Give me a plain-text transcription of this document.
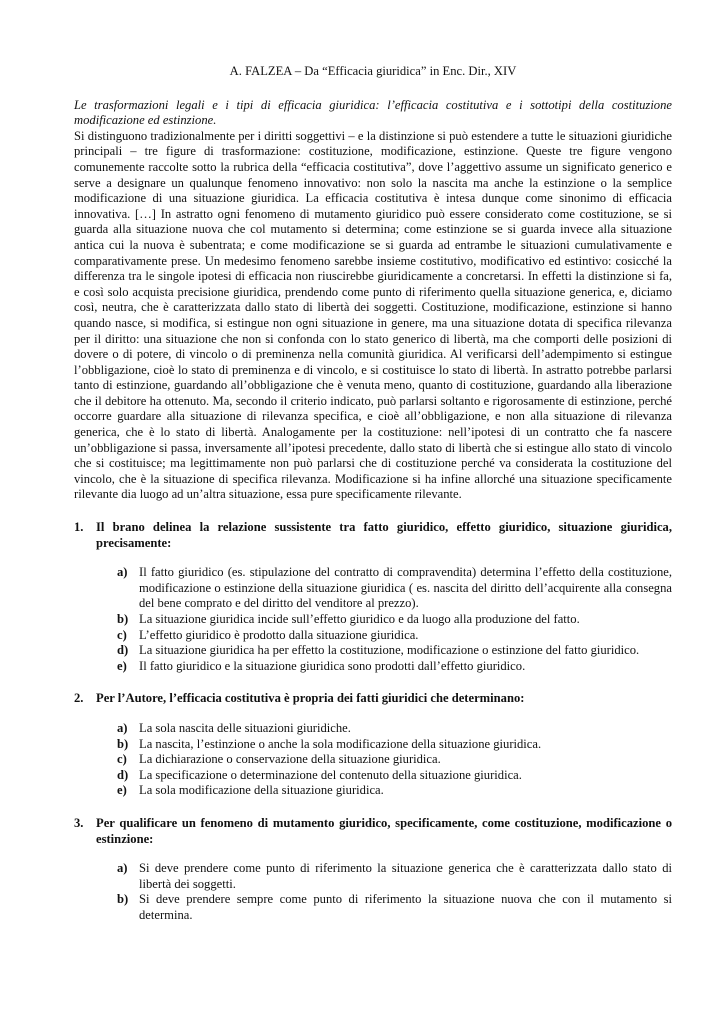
A. FALZEA – Da “Efficacia giuridica” in Enc. Dir., XIV

Le trasformazioni legali e i tipi di efficacia giuridica: l’efficacia costitutiva e i sottotipi della costituzione modificazione ed estinzione.

Si distinguono tradizionalmente per i diritti soggettivi – e la distinzione si può estendere a tutte le situazioni giuridiche principali – tre figure di trasformazione: costituzione, modificazione, estinzione. Queste tre figure vengono comunemente raccolte sotto la rubrica della “efficacia costitutiva”, dove l’aggettivo assume un significato generico e serve a designare un qualunque fenomeno innovativo: non solo la nascita ma anche la estinzione o la semplice modificazione di una situazione giuridica. La efficacia costitutiva è intesa dunque come sinonimo di efficacia innovativa. […] In astratto ogni fenomeno di mutamento giuridico può essere considerato come costituzione, se si guarda alla situazione nuova che col mutamento si determina; come estinzione se si guarda invece alla situazione antica cui la nuova è subentrata; e come modificazione se si guarda ad entrambe le situazioni cumulativamente e comparativamente prese. Un medesimo fenomeno sarebbe insieme costitutivo, modificativo ed estintivo: cosicché la differenza tra le singole ipotesi di efficacia non riuscirebbe giuridicamente a concretarsi. In effetti la distinzione si fa, e così solo acquista precisione giuridica, prendendo come punto di riferimento quella situazione generica, e, diciamo così, neutra, che è caratterizzata dallo stato di libertà dei soggetti. Costituzione, modificazione, estinzione si hanno quando nasce, si modifica, si estingue non ogni situazione in genere, ma una situazione dotata di specifica rilevanza per il diritto: una situazione che non si confonda con lo stato generico di libertà, ma che comporti delle posizioni di dovere o di potere, di vincolo o di preminenza nella comunità giuridica. Al verificarsi dell’adempimento si estingue l’obbligazione, cioè lo stato di preminenza e di vincolo, e si costituisce lo stato di libertà. In astratto potrebbe parlarsi tanto di estinzione, guardando all’obbligazione che è venuta meno, quanto di costituzione, guardando alla liberazione che il debitore ha ottenuto. Ma, secondo il criterio indicato, può parlarsi soltanto e rigorosamente di estinzione, perché occorre guardare alla situazione di rilevanza specifica, e cioè all’obbligazione, e non alla situazione di rilevanza generica, che è lo stato di libertà. Analogamente per la costituzione: nell’ipotesi di un contratto che fa nascere un’obbligazione si passa, inversamente all’ipotesi precedente, dallo stato di libertà che si estingue allo stato di vincolo che si costituisce; ma legittimamente non può parlarsi che di costituzione perché va considerata la costituzione del vincolo, che è la situazione di specifica rilevanza. Modificazione si ha infine allorché una situazione specificamente rilevante dia luogo ad un’altra situazione, essa pure specificamente rilevante.

1. Il brano delinea la relazione sussistente tra fatto giuridico, effetto giuridico, situazione giuridica, precisamente:
a) Il fatto giuridico (es. stipulazione del contratto di compravendita) determina l’effetto della costituzione, modificazione o estinzione della situazione giuridica ( es. nascita del diritto dell’acquirente alla consegna del bene comprato e del diritto del venditore al prezzo).
b) La situazione giuridica incide sull’effetto giuridico e da luogo alla produzione del fatto.
c) L’effetto giuridico è prodotto dalla situazione giuridica.
d) La situazione giuridica ha per effetto la costituzione, modificazione o estinzione del fatto giuridico.
e) Il fatto giuridico e la situazione giuridica sono prodotti dall’effetto giuridico.
2. Per l’Autore, l’efficacia costitutiva è propria dei fatti giuridici che determinano:
a) La sola nascita delle situazioni giuridiche.
b) La nascita, l’estinzione o anche la sola modificazione della situazione giuridica.
c) La dichiarazione o conservazione della situazione giuridica.
d) La specificazione o determinazione del contenuto della situazione giuridica.
e) La sola modificazione della situazione giuridica.
3. Per qualificare un fenomeno di mutamento giuridico, specificamente, come costituzione, modificazione o estinzione:
a) Si deve prendere come punto di riferimento la situazione generica che è caratterizzata dallo stato di libertà dei soggetti.
b) Si deve prendere sempre come punto di riferimento la situazione nuova che con il mutamento si determina.
